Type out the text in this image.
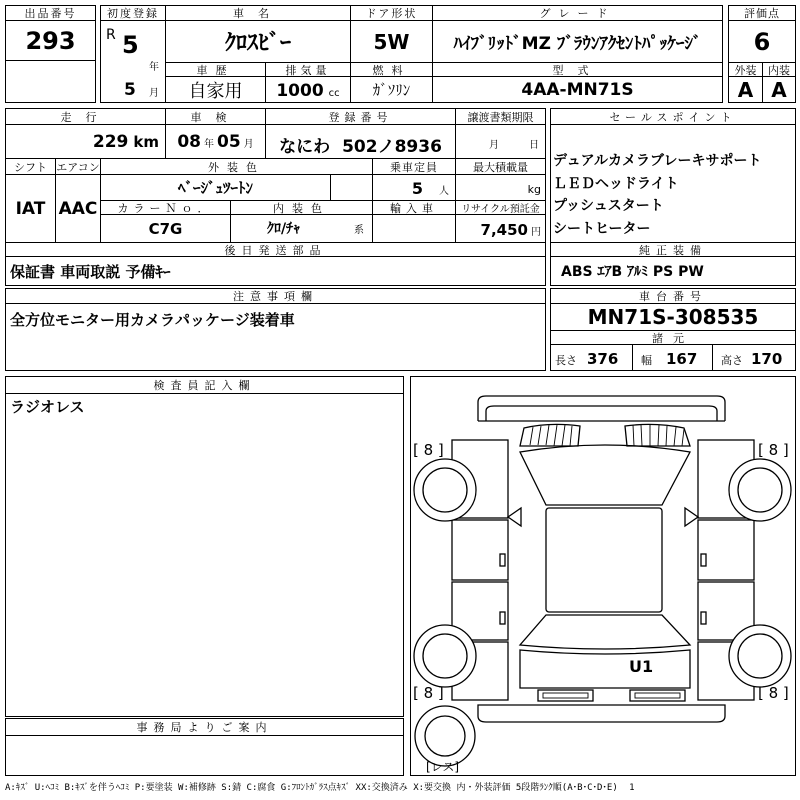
出品番号
293
初度登録
R 5
年
5 月
車名
ｸﾛｽﾋﾞｰ
ドア形状
5W
グレード
ﾊｲﾌﾞﾘｯﾄﾞMZ ﾌﾞﾗｳﾝｱｸｾﾝﾄﾊﾟｯｹｰｼﾞ
車歴
自家用
排気量
1000 cc
燃料
ｶﾞｿﾘﾝ
型式
4AA-MN71S
評価点
6
外装	内装
A A
走行
229 km
車検
08 年 05 月
登録番号
なにわ 502ノ8936
譲渡書類期限
月	日
シフト
IAT
エアコン
AAC
外装色
ﾍﾞｰｼﾞｭﾂｰﾄﾝ
乗車定員
5 人
最大積載量
kg
カラーＮｏ．
C7G
内装色
ｸﾛ/ﾁｬ	系
輸入車	リサイクル預託金
7,450 円
後日発送部品
保証書 車両取説 予備ｷｰ
セールスポイント
デュアルカメラブレーキサポート
ＬＥＤヘッドライト
プッシュスタート
シートヒーター
純正装備
ABS ｴｱB ｱﾙﾐ PS PW
注意事項欄
全方位モニター用カメラパッケージ装着車
車台番号
MN71S-308535
諸元
長さ 376 幅 167 高さ 170
検査員記入欄
ラジオレス
事務局よりご案内
[ 8 ]	[ 8 ]
[ 8 ]	[ 8 ]
U1
[レス]
A:ｷｽﾞ U:ﾍｺﾐ B:ｷｽﾞを伴うﾍｺﾐ P:要塗装 W:補修跡 S:錆 C:腐食 G:ﾌﾛﾝﾄｶﾞﾗｽ点ｷｽﾞ XX:交換済み X:要交換 内・外装評価 5段階ﾗﾝｸ順(A･B･C･D･E) 1
